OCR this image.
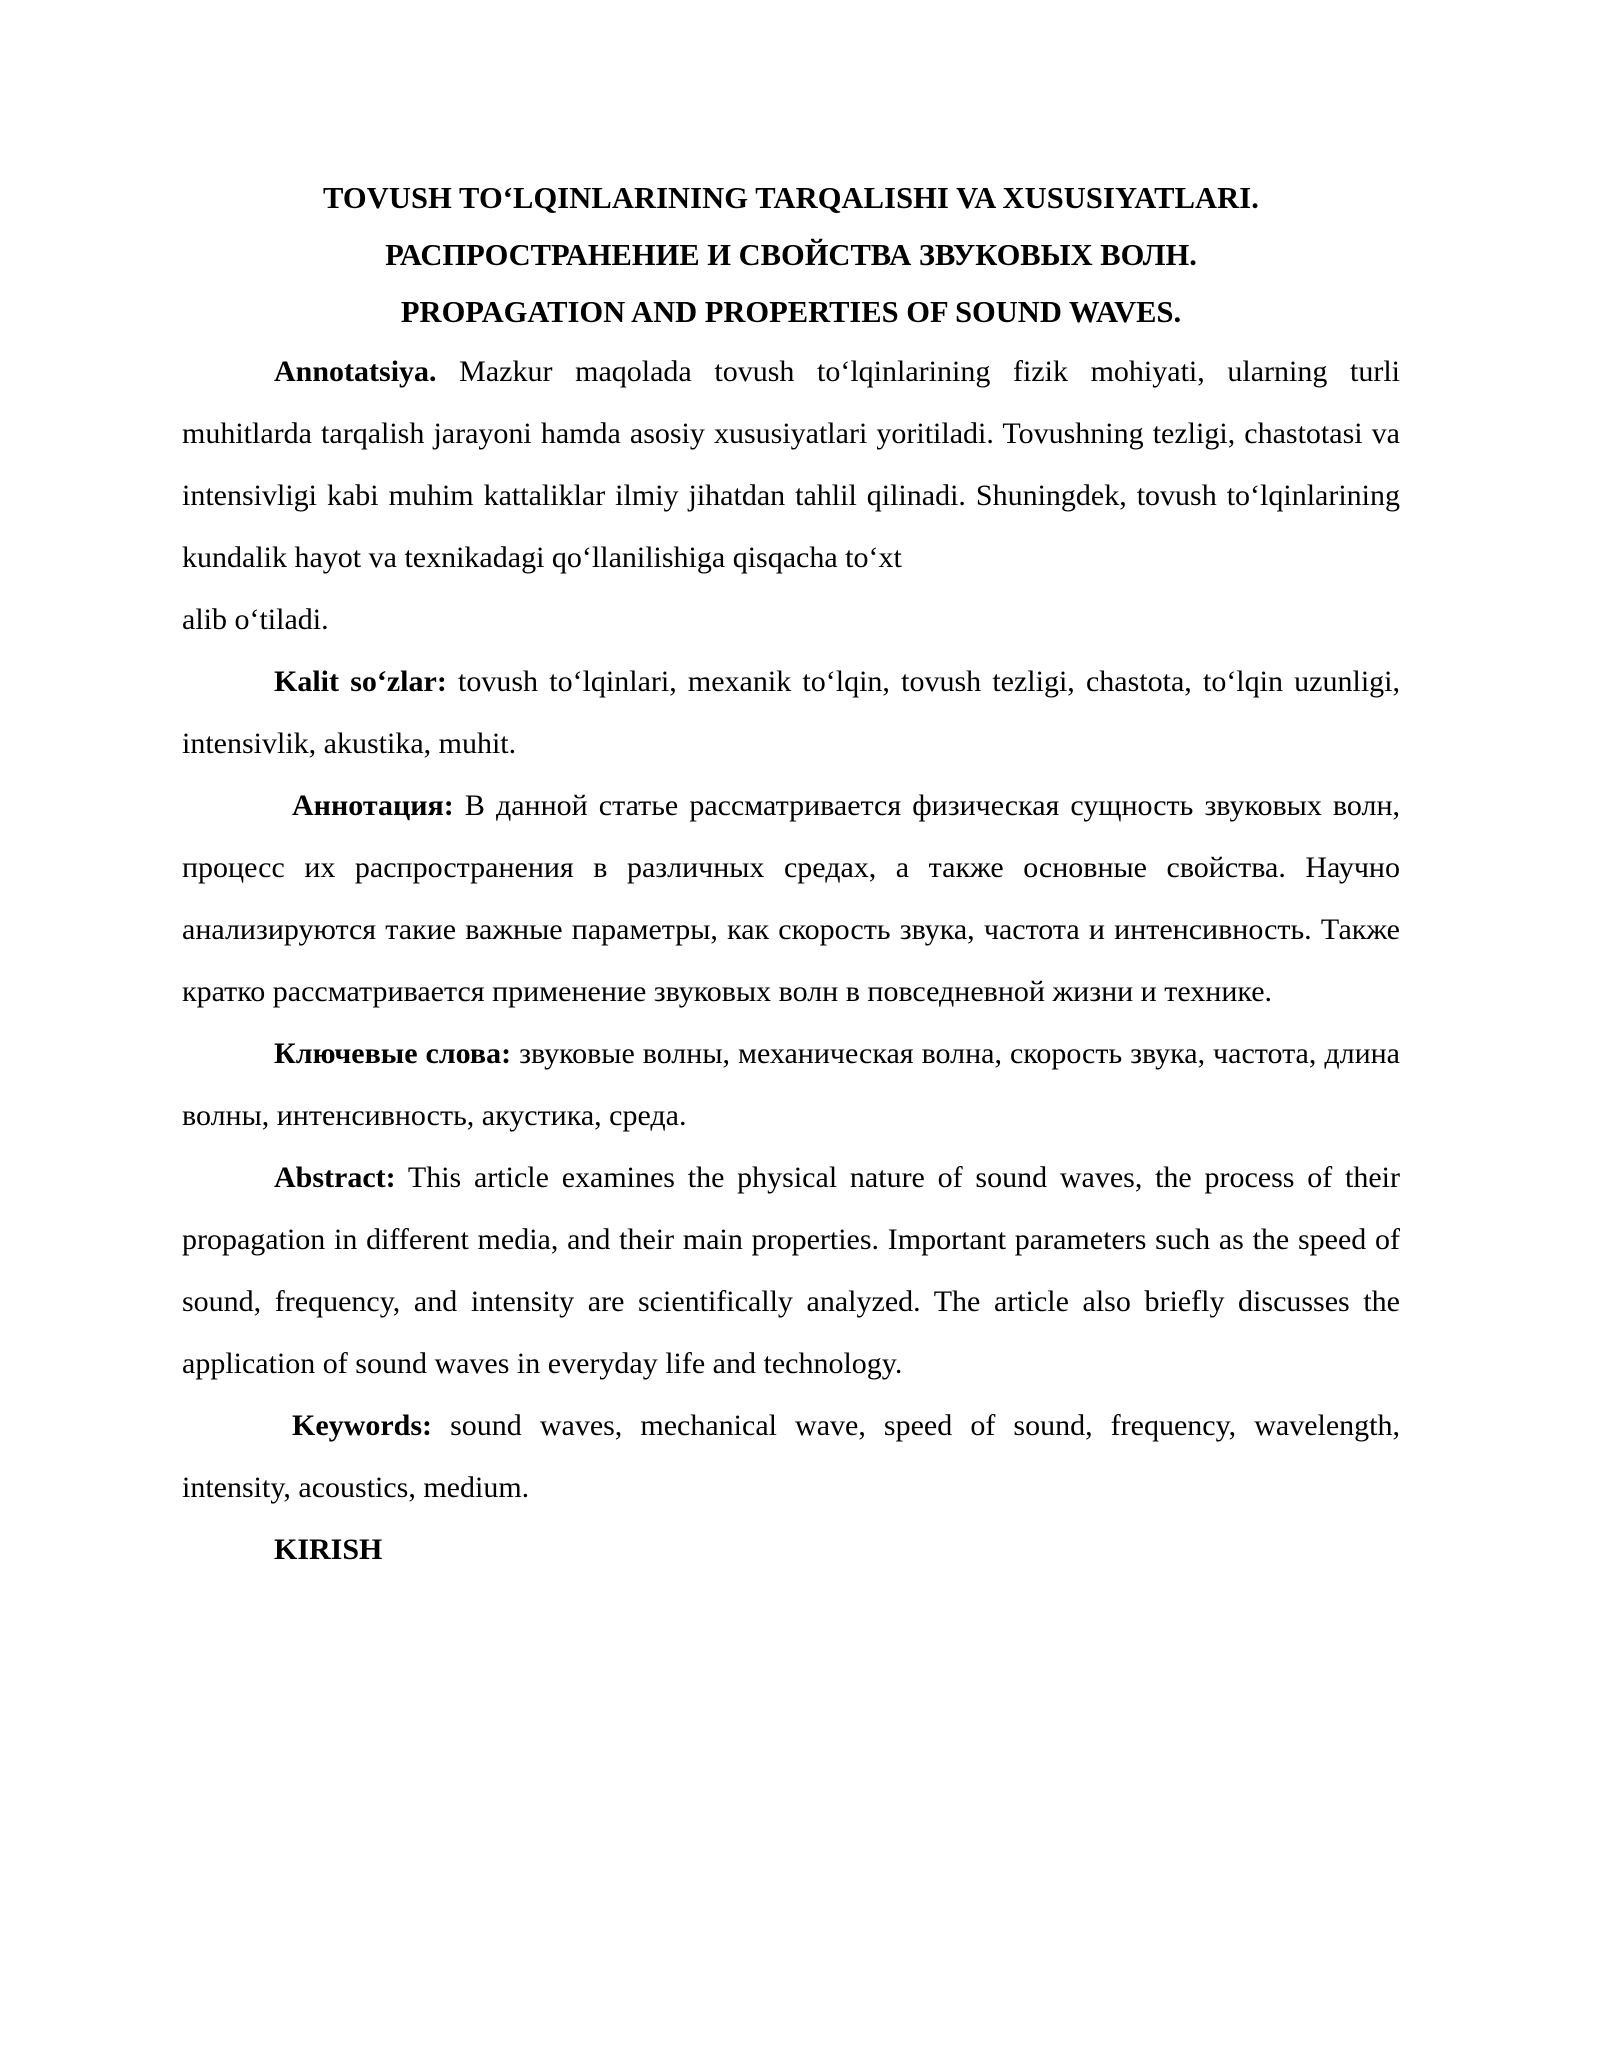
TOVUSH TO‘LQINLARINING TARQALISHI VA XUSUSIYATLARI.
РАСПРОСТРАНЕНИЕ И СВОЙСТВА ЗВУКОВЫХ ВОЛН.
PROPAGATION AND PROPERTIES OF SOUND WAVES.

Annotatsiya. Mazkur maqolada tovush to‘lqinlarining fizik mohiyati, ularning turli muhitlarda tarqalish jarayoni hamda asosiy xususiyatlari yoritiladi. Tovushning tezligi, chastotasi va intensivligi kabi muhim kattaliklar ilmiy jihatdan tahlil qilinadi. Shuningdek, tovush to‘lqinlarining kundalik hayot va texnikadagi qo‘llanilishiga qisqacha to‘xt

alib o‘tiladi.

Kalit so‘zlar: tovush to‘lqinlari, mexanik to‘lqin, tovush tezligi, chastota, to‘lqin uzunligi, intensivlik, akustika, muhit.

Аннотация: В данной статье рассматривается физическая сущность звуковых волн, процесс их распространения в различных средах, а также основные свойства. Научно анализируются такие важные параметры, как скорость звука, частота и интенсивность. Также кратко рассматривается применение звуковых волн в повседневной жизни и технике.

Ключевые слова: звуковые волны, механическая волна, скорость звука, частота, длина волны, интенсивность, акустика, среда.

Abstract: This article examines the physical nature of sound waves, the process of their propagation in different media, and their main properties. Important parameters such as the speed of sound, frequency, and intensity are scientifically analyzed. The article also briefly discusses the application of sound waves in everyday life and technology.

Keywords: sound waves, mechanical wave, speed of sound, frequency, wavelength, intensity, acoustics, medium.

KIRISH
